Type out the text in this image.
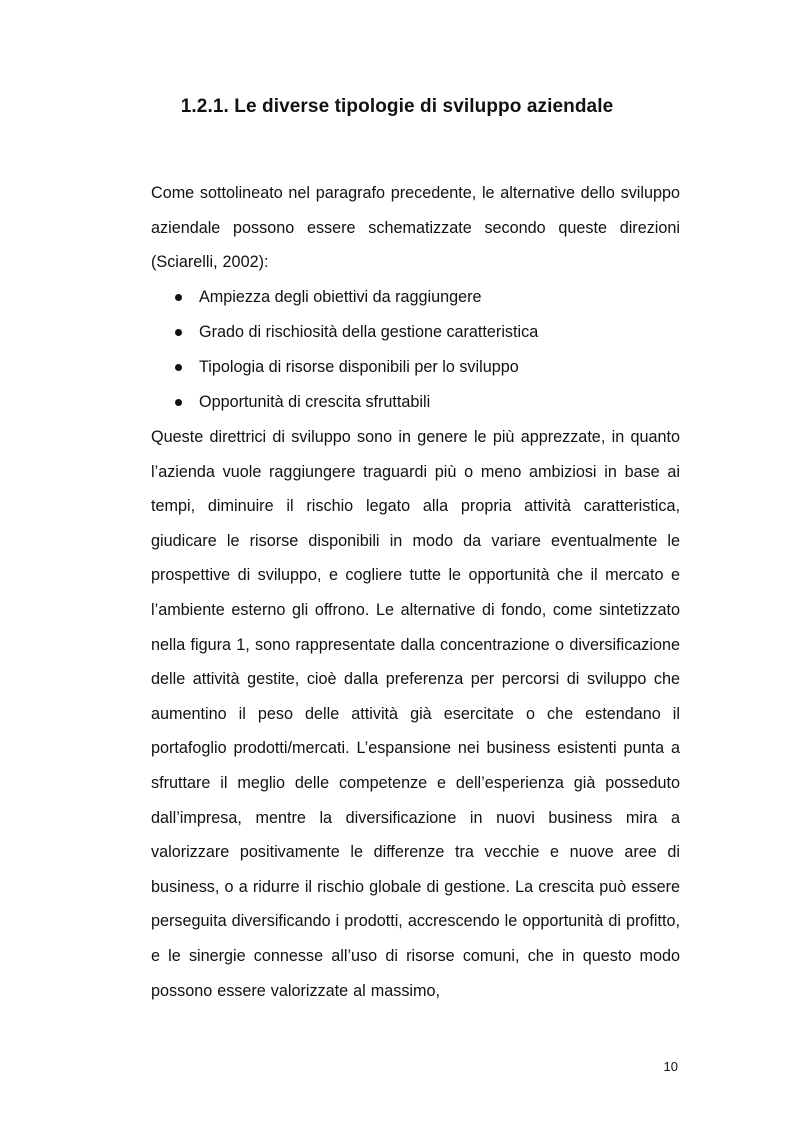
1.2.1. Le diverse tipologie di sviluppo aziendale
Come sottolineato nel paragrafo precedente, le alternative dello sviluppo aziendale possono essere schematizzate secondo queste direzioni (Sciarelli, 2002):
Ampiezza degli obiettivi da raggiungere
Grado di rischiosità della gestione caratteristica
Tipologia di risorse disponibili per lo sviluppo
Opportunità di crescita sfruttabili
Queste direttrici di sviluppo sono in genere le più apprezzate, in quanto l’azienda vuole raggiungere traguardi più o meno ambiziosi in base ai tempi, diminuire il rischio legato alla propria attività caratteristica, giudicare le risorse disponibili in modo da variare eventualmente le prospettive di sviluppo, e cogliere tutte le opportunità che il mercato e l’ambiente esterno gli offrono. Le alternative di fondo, come sintetizzato nella figura 1, sono rappresentate dalla concentrazione o diversificazione delle attività gestite, cioè dalla preferenza per percorsi di sviluppo che aumentino il peso delle attività già esercitate o che estendano il portafoglio prodotti/mercati. L’espansione nei business esistenti punta a sfruttare il meglio delle competenze e dell’esperienza già posseduto dall’impresa, mentre la diversificazione in nuovi business mira a valorizzare positivamente le differenze tra vecchie e nuove aree di business, o a ridurre il rischio globale di gestione. La crescita può essere perseguita diversificando i prodotti, accrescendo le opportunità di profitto, e le sinergie connesse all’uso di risorse comuni, che in questo modo possono essere valorizzate al massimo,
10
